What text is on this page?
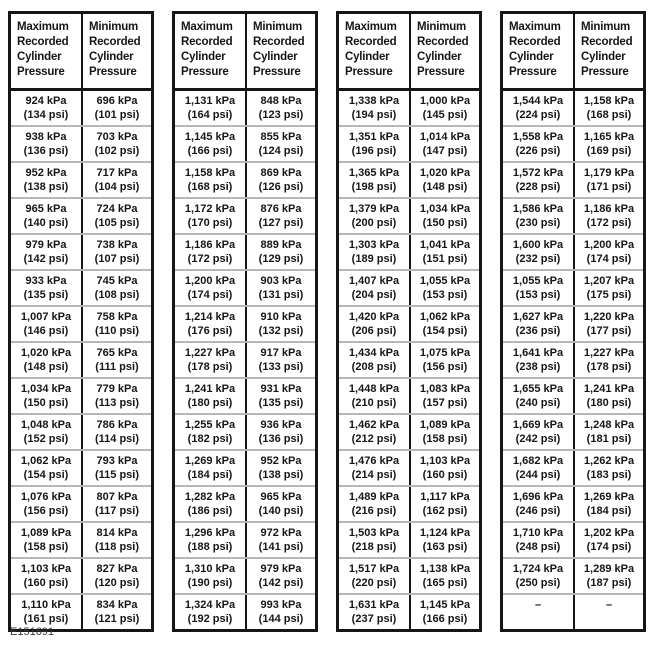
Maximum Recorded Cylinder Pressure
Minimum Recorded Cylinder Pressure
924 kPa
(134 psi)
696 kPa
(101 psi)
938 kPa
(136 psi)
703 kPa
(102 psi)
952 kPa
(138 psi)
717 kPa
(104 psi)
965 kPa
(140 psi)
724 kPa
(105 psi)
979 kPa
(142 psi)
738 kPa
(107 psi)
933 kPa
(135 psi)
745 kPa
(108 psi)
1,007 kPa
(146 psi)
758 kPa
(110 psi)
1,020 kPa
(148 psi)
765 kPa
(111 psi)
1,034 kPa
(150 psi)
779 kPa
(113 psi)
1,048 kPa
(152 psi)
786 kPa
(114 psi)
1,062 kPa
(154 psi)
793 kPa
(115 psi)
1,076 kPa
(156 psi)
807 kPa
(117 psi)
1,089 kPa
(158 psi)
814 kPa
(118 psi)
1,103 kPa
(160 psi)
827 kPa
(120 psi)
1,110 kPa
(161 psi)
834 kPa
(121 psi)
Maximum Recorded Cylinder Pressure
Minimum Recorded Cylinder Pressure
1,131 kPa
(164 psi)
848 kPa
(123 psi)
1,145 kPa
(166 psi)
855 kPa
(124 psi)
1,158 kPa
(168 psi)
869 kPa
(126 psi)
1,172 kPa
(170 psi)
876 kPa
(127 psi)
1,186 kPa
(172 psi)
889 kPa
(129 psi)
1,200 kPa
(174 psi)
903 kPa
(131 psi)
1,214 kPa
(176 psi)
910 kPa
(132 psi)
1,227 kPa
(178 psi)
917 kPa
(133 psi)
1,241 kPa
(180 psi)
931 kPa
(135 psi)
1,255 kPa
(182 psi)
936 kPa
(136 psi)
1,269 kPa
(184 psi)
952 kPa
(138 psi)
1,282 kPa
(186 psi)
965 kPa
(140 psi)
1,296 kPa
(188 psi)
972 kPa
(141 psi)
1,310 kPa
(190 psi)
979 kPa
(142 psi)
1,324 kPa
(192 psi)
993 kPa
(144 psi)
Maximum Recorded Cylinder Pressure
Minimum Recorded Cylinder Pressure
1,338 kPa
(194 psi)
1,000 kPa
(145 psi)
1,351 kPa
(196 psi)
1,014 kPa
(147 psi)
1,365 kPa
(198 psi)
1,020 kPa
(148 psi)
1,379 kPa
(200 psi)
1,034 kPa
(150 psi)
1,303 kPa
(189 psi)
1,041 kPa
(151 psi)
1,407 kPa
(204 psi)
1,055 kPa
(153 psi)
1,420 kPa
(206 psi)
1,062 kPa
(154 psi)
1,434 kPa
(208 psi)
1,075 kPa
(156 psi)
1,448 kPa
(210 psi)
1,083 kPa
(157 psi)
1,462 kPa
(212 psi)
1,089 kPa
(158 psi)
1,476 kPa
(214 psi)
1,103 kPa
(160 psi)
1,489 kPa
(216 psi)
1,117 kPa
(162 psi)
1,503 kPa
(218 psi)
1,124 kPa
(163 psi)
1,517 kPa
(220 psi)
1,138 kPa
(165 psi)
1,631 kPa
(237 psi)
1,145 kPa
(166 psi)
Maximum Recorded Cylinder Pressure
Minimum Recorded Cylinder Pressure
1,544 kPa
(224 psi)
1,158 kPa
(168 psi)
1,558 kPa
(226 psi)
1,165 kPa
(169 psi)
1,572 kPa
(228 psi)
1,179 kPa
(171 psi)
1,586 kPa
(230 psi)
1,186 kPa
(172 psi)
1,600 kPa
(232 psi)
1,200 kPa
(174 psi)
1,055 kPa
(153 psi)
1,207 kPa
(175 psi)
1,627 kPa
(236 psi)
1,220 kPa
(177 psi)
1,641 kPa
(238 psi)
1,227 kPa
(178 psi)
1,655 kPa
(240 psi)
1,241 kPa
(180 psi)
1,669 kPa
(242 psi)
1,248 kPa
(181 psi)
1,682 kPa
(244 psi)
1,262 kPa
(183 psi)
1,696 kPa
(246 psi)
1,269 kPa
(184 psi)
1,710 kPa
(248 psi)
1,202 kPa
(174 psi)
1,724 kPa
(250 psi)
1,289 kPa
(187 psi)
–	–
E151691
